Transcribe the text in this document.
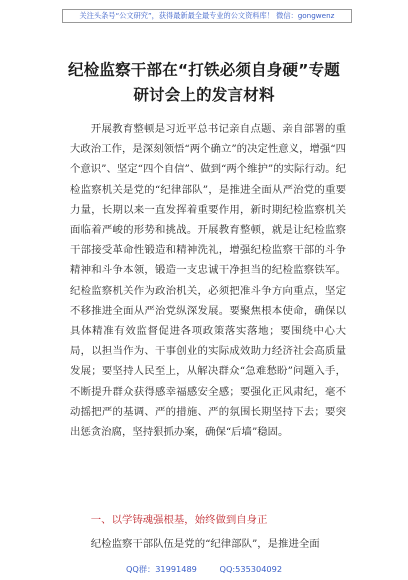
关注头条号“公文研究”，获得最新最全最专业的公文资料库！ 微信：gongwenz
纪检监察干部在“打铁必须自身硬”专题
研讨会上的发言材料

开展教育整顿是习近平总书记亲自点题、亲自部署的重大政治工作，是深刻领悟“两个确立”的决定性意义，增强“四个意识”、坚定“四个自信”、做到“两个维护”的实际行动。纪检监察机关是党的“纪律部队”，是推进全面从严治党的重要力量，长期以来一直发挥着重要作用，新时期纪检监察机关面临着严峻的形势和挑战。开展教育整顿，就是让纪检监察干部接受革命性锻造和精神洗礼，增强纪检监察干部的斗争精神和斗争本领，锻造一支忠诚干净担当的纪检监察铁军。纪检监察机关作为政治机关，必须把准斗争方向重点，坚定不移推进全面从严治党纵深发展。要聚焦根本使命，确保以具体精准有效监督促进各项政策落实落地；要围绕中心大局，以担当作为、干事创业的实际成效助力经济社会高质量发展；要坚持人民至上，从解决群众“急难愁盼”问题入手，不断提升群众获得感幸福感安全感；要强化正风肃纪，毫不动摇把严的基调、严的措施、严的氛围长期坚持下去；要突出惩贪治腐，坚持狠抓办案，确保“后墙”稳固。

一、以学铸魂强根基，始终做到自身正
纪检监察干部队伍是党的“纪律部队”，是推进全面
QQ群：31991489	QQ:535304092
